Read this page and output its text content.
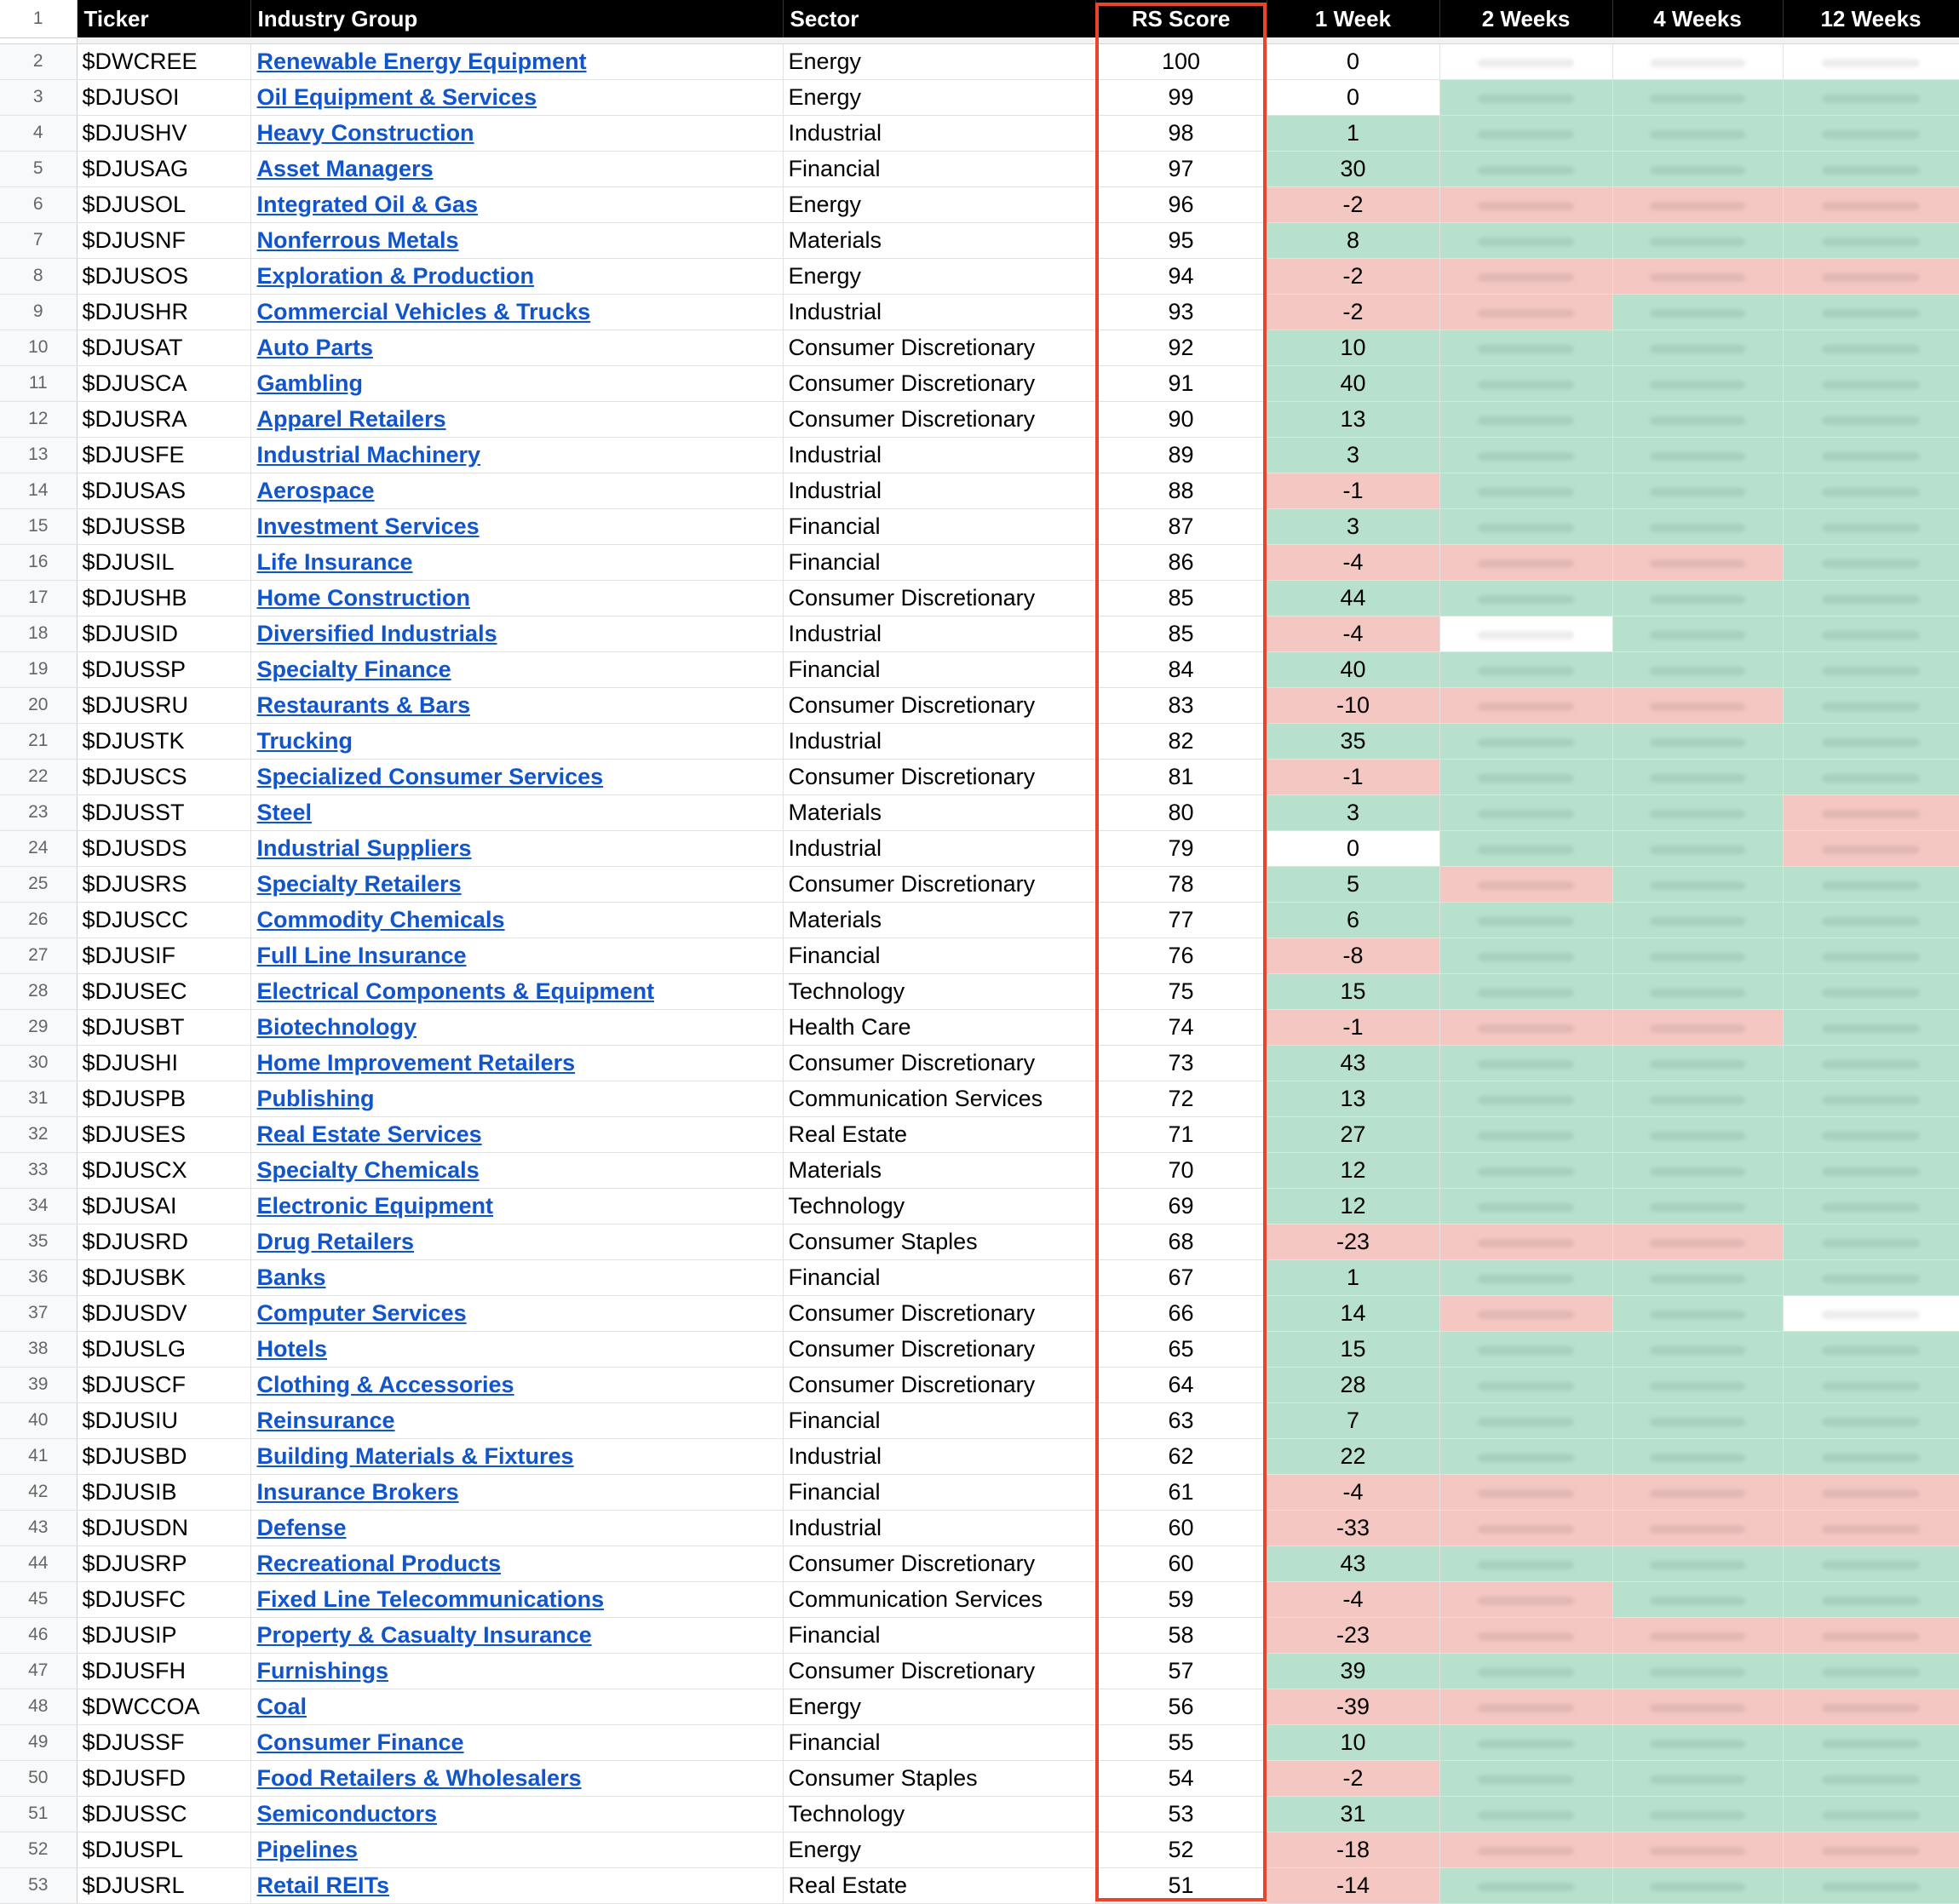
1	Ticker	Industry Group	Sector	RS Score	1 Week	2 Weeks	4 Weeks	12 Weeks

2	$DWCREE	Renewable Energy Equipment	Energy	100	0	

3	$DJUSOI	Oil Equipment & Services	Energy	99	0	

4	$DJUSHV	Heavy Construction	Industrial	98	1	

5	$DJUSAG	Asset Managers	Financial	97	30	

6	$DJUSOL	Integrated Oil & Gas	Energy	96	-2	

7	$DJUSNF	Nonferrous Metals	Materials	95	8	

8	$DJUSOS	Exploration & Production	Energy	94	-2	

9	$DJUSHR	Commercial Vehicles & Trucks	Industrial	93	-2	

10	$DJUSAT	Auto Parts	Consumer Discretionary	92	10	

11	$DJUSCA	Gambling	Consumer Discretionary	91	40	

12	$DJUSRA	Apparel Retailers	Consumer Discretionary	90	13	

13	$DJUSFE	Industrial Machinery	Industrial	89	3	

14	$DJUSAS	Aerospace	Industrial	88	-1	

15	$DJUSSB	Investment Services	Financial	87	3	

16	$DJUSIL	Life Insurance	Financial	86	-4	

17	$DJUSHB	Home Construction	Consumer Discretionary	85	44	

18	$DJUSID	Diversified Industrials	Industrial	85	-4	

19	$DJUSSP	Specialty Finance	Financial	84	40	

20	$DJUSRU	Restaurants & Bars	Consumer Discretionary	83	-10	

21	$DJUSTK	Trucking	Industrial	82	35	

22	$DJUSCS	Specialized Consumer Services	Consumer Discretionary	81	-1	

23	$DJUSST	Steel	Materials	80	3	

24	$DJUSDS	Industrial Suppliers	Industrial	79	0	

25	$DJUSRS	Specialty Retailers	Consumer Discretionary	78	5	

26	$DJUSCC	Commodity Chemicals	Materials	77	6	

27	$DJUSIF	Full Line Insurance	Financial	76	-8	

28	$DJUSEC	Electrical Components & Equipment	Technology	75	15	

29	$DJUSBT	Biotechnology	Health Care	74	-1	

30	$DJUSHI	Home Improvement Retailers	Consumer Discretionary	73	43	

31	$DJUSPB	Publishing	Communication Services	72	13	

32	$DJUSES	Real Estate Services	Real Estate	71	27	

33	$DJUSCX	Specialty Chemicals	Materials	70	12	

34	$DJUSAI	Electronic Equipment	Technology	69	12	

35	$DJUSRD	Drug Retailers	Consumer Staples	68	-23	

36	$DJUSBK	Banks	Financial	67	1	

37	$DJUSDV	Computer Services	Consumer Discretionary	66	14	

38	$DJUSLG	Hotels	Consumer Discretionary	65	15	

39	$DJUSCF	Clothing & Accessories	Consumer Discretionary	64	28	

40	$DJUSIU	Reinsurance	Financial	63	7	

41	$DJUSBD	Building Materials & Fixtures	Industrial	62	22	

42	$DJUSIB	Insurance Brokers	Financial	61	-4	

43	$DJUSDN	Defense	Industrial	60	-33	

44	$DJUSRP	Recreational Products	Consumer Discretionary	60	43	

45	$DJUSFC	Fixed Line Telecommunications	Communication Services	59	-4	

46	$DJUSIP	Property & Casualty Insurance	Financial	58	-23	

47	$DJUSFH	Furnishings	Consumer Discretionary	57	39	

48	$DWCCOA	Coal	Energy	56	-39	

49	$DJUSSF	Consumer Finance	Financial	55	10	

50	$DJUSFD	Food Retailers & Wholesalers	Consumer Staples	54	-2	

51	$DJUSSC	Semiconductors	Technology	53	31	

52	$DJUSPL	Pipelines	Energy	52	-18	

53	$DJUSRL	Retail REITs	Real Estate	51	-14	
